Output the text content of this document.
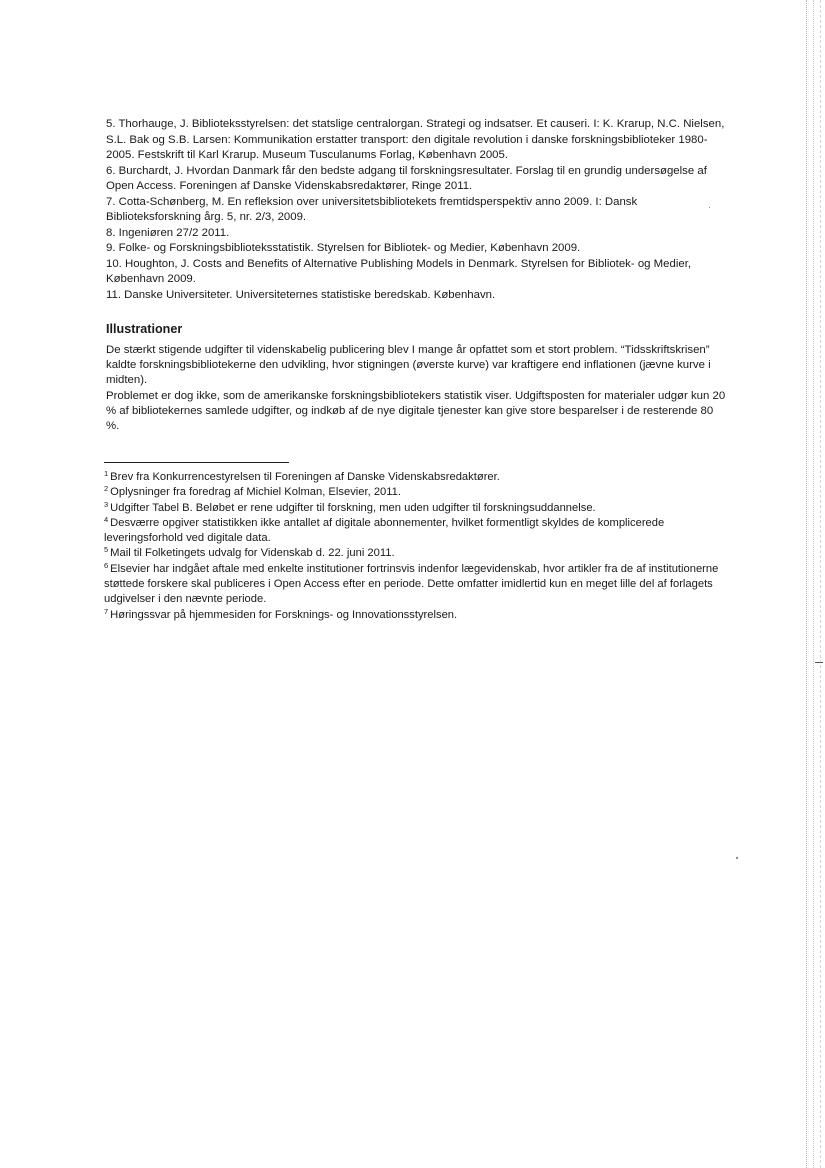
5. Thorhauge, J. Biblioteksstyrelsen: det statslige centralorgan. Strategi og indsatser. Et causeri. I: K. Krarup, N.C. Nielsen, S.L. Bak og S.B. Larsen: Kommunikation erstatter transport: den digitale revolution i danske forskningsbiblioteker 1980-2005. Festskrift til Karl Krarup. Museum Tusculanums Forlag, København 2005.

6. Burchardt, J. Hvordan Danmark får den bedste adgang til forskningsresultater. Forslag til en grundig undersøgelse af Open Access. Foreningen af Danske Videnskabsredaktører, Ringe 2011.

7. Cotta-Schønberg, M. En refleksion over universitetsbibliotekets fremtidsperspektiv anno 2009. I: Dansk Biblioteksforskning årg. 5, nr. 2/3, 2009.

8. Ingeniøren 27/2 2011.

9. Folke- og Forskningsbiblioteksstatistik. Styrelsen for Bibliotek- og Medier, København 2009.

10. Houghton, J. Costs and Benefits of Alternative Publishing Models in Denmark. Styrelsen for Bibliotek- og Medier, København 2009.

11. Danske Universiteter. Universiteternes statistiske beredskab. København.

Illustrationer

De stærkt stigende udgifter til videnskabelig publicering blev I mange år opfattet som et stort problem. “Tidsskriftskrisen” kaldte forskningsbibliotekerne den udvikling, hvor stigningen (øverste kurve) var kraftigere end inflationen (jævne kurve i midten).

Problemet er dog ikke, som de amerikanske forskningsbibliotekers statistik viser. Udgiftsposten for materialer udgør kun 20 % af bibliotekernes samlede udgifter, og indkøb af de nye digitale tjenester kan give store besparelser i de resterende 80 %.

$^1$ Brev fra Konkurrencestyrelsen til Foreningen af Danske Videnskabsredaktører.

$^2$ Oplysninger fra foredrag af Michiel Kolman, Elsevier, 2011.

$^3$ Udgifter Tabel B. Beløbet er rene udgifter til forskning, men uden udgifter til forskningsuddannelse.

$^4$ Desværre opgiver statistikken ikke antallet af digitale abonnementer, hvilket formentligt skyldes de komplicerede leveringsforhold ved digitale data.

$^5$ Mail til Folketingets udvalg for Videnskab d. 22. juni 2011.

$^6$ Elsevier har indgået aftale med enkelte institutioner fortrinsvis indenfor lægevidenskab, hvor artikler fra de af institutionerne støttede forskere skal publiceres i Open Access efter en periode. Dette omfatter imidlertid kun en meget lille del af forlagets udgivelser i den nævnte periode.

$^7$ Høringssvar på hjemmesiden for Forsknings- og Innovationsstyrelsen.
